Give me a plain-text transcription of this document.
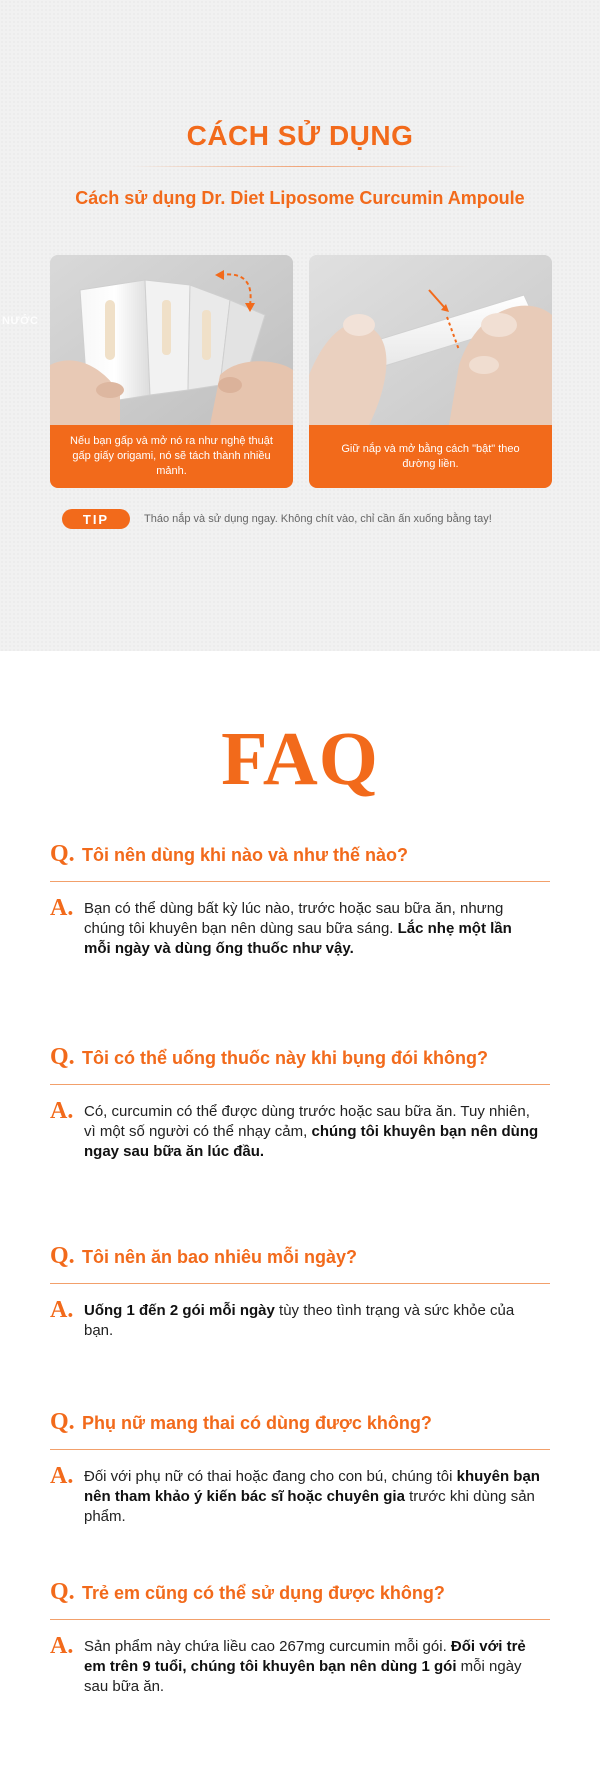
CÁCH SỬ DỤNG
Cách sử dụng Dr. Diet Liposome Curcumin Ampoule
NƯỚC
Nếu bạn gấp và mở nó ra như nghệ thuật gấp giấy origami, nó sẽ tách thành nhiều mảnh.
Giữ nắp và mở bằng cách "bật" theo đường liền.
TIP	Tháo nắp và sử dụng ngay. Không chít vào, chỉ cần ấn xuống bằng tay!
FAQ
Q. Tôi nên dùng khi nào và như thế nào?
A. Bạn có thể dùng bất kỳ lúc nào, trước hoặc sau bữa ăn, nhưng chúng tôi khuyên bạn nên dùng sau bữa sáng. Lắc nhẹ một lần mỗi ngày và dùng ống thuốc như vậy.

Q. Tôi có thể uống thuốc này khi bụng đói không?
A. Có, curcumin có thể được dùng trước hoặc sau bữa ăn. Tuy nhiên, vì một số người có thể nhạy cảm, chúng tôi khuyên bạn nên dùng ngay sau bữa ăn lúc đầu.

Q. Tôi nên ăn bao nhiêu mỗi ngày?
A. Uống 1 đến 2 gói mỗi ngày tùy theo tình trạng và sức khỏe của bạn.

Q. Phụ nữ mang thai có dùng được không?
A. Đối với phụ nữ có thai hoặc đang cho con bú, chúng tôi khuyên bạn nên tham khảo ý kiến bác sĩ hoặc chuyên gia trước khi dùng sản phẩm.

Q. Trẻ em cũng có thể sử dụng được không?
A. Sản phẩm này chứa liều cao 267mg curcumin mỗi gói. Đối với trẻ em trên 9 tuổi, chúng tôi khuyên bạn nên dùng 1 gói mỗi ngày sau bữa ăn.
